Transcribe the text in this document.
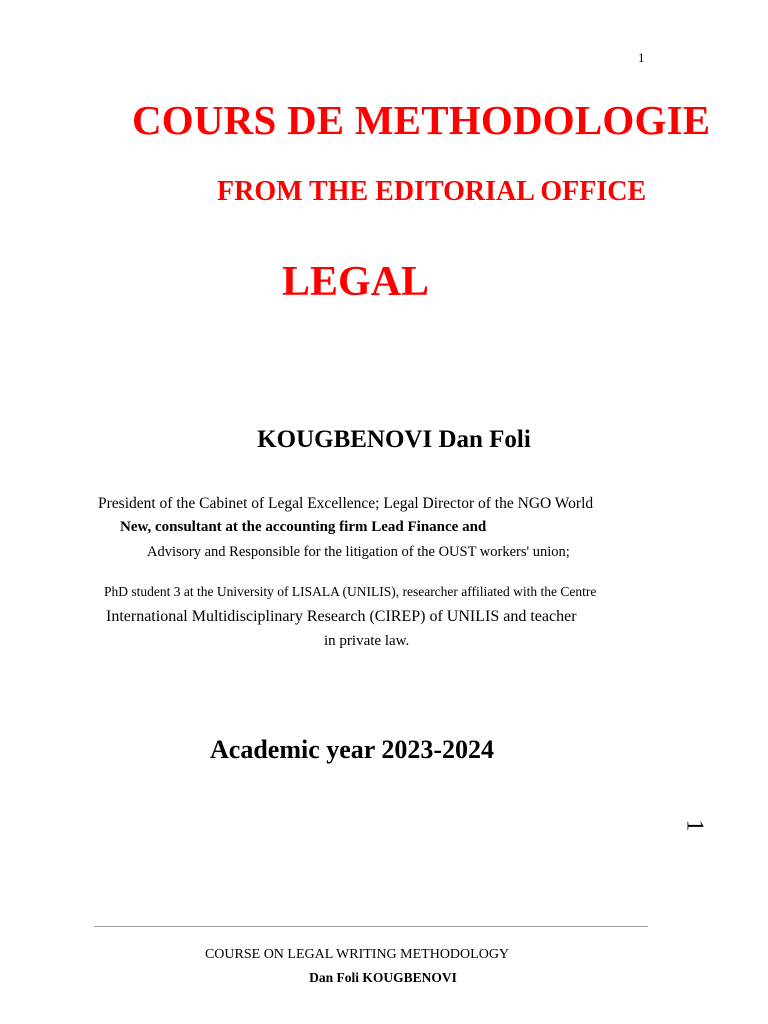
1
COURS DE METHODOLOGIE
FROM THE EDITORIAL OFFICE
LEGAL
KOUGBENOVI Dan Foli
President of the Cabinet of Legal Excellence; Legal Director of the NGO World
New, consultant at the accounting firm Lead Finance and
Advisory and Responsible for the litigation of the OUST workers' union;
PhD student 3 at the University of LISALA (UNILIS), researcher affiliated with the Centre
International Multidisciplinary Research (CIREP) of UNILIS and teacher
in private law.
Academic year 2023-2024
1
COURSE ON LEGAL WRITING METHODOLOGY
Dan Foli KOUGBENOVI
